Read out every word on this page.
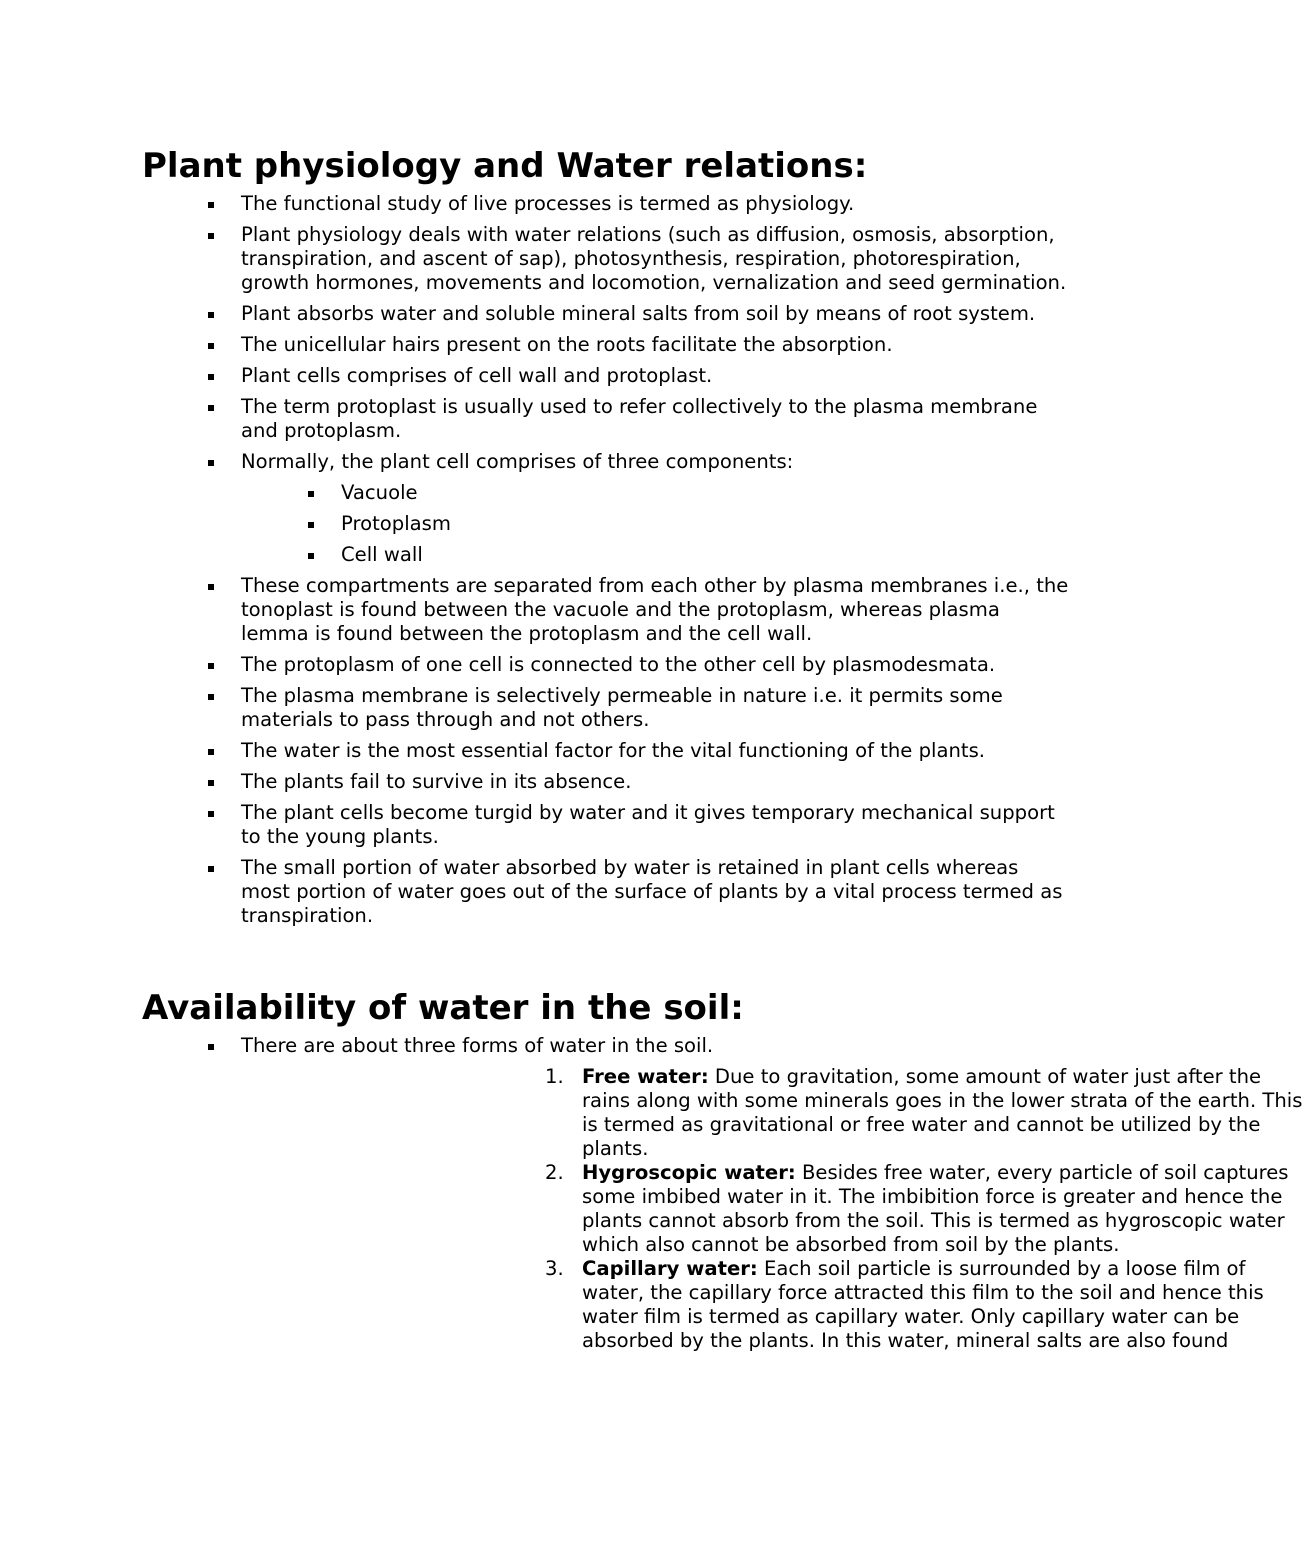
Plant physiology and Water relations:
The functional study of live processes is termed as physiology.
Plant physiology deals with water relations (such as diffusion, osmosis, absorption, transpiration, and ascent of sap), photosynthesis, respiration, photorespiration, growth hormones, movements and locomotion, vernalization and seed germination.
Plant absorbs water and soluble mineral salts from soil by means of root system.
The unicellular hairs present on the roots facilitate the absorption.
Plant cells comprises of cell wall and protoplast.
The term protoplast is usually used to refer collectively to the plasma membrane and protoplasm.
Normally, the plant cell comprises of three components:
Vacuole
Protoplasm
Cell wall
These compartments are separated from each other by plasma membranes i.e., the tonoplast is found between the vacuole and the protoplasm, whereas plasma lemma is found between the protoplasm and the cell wall.
The protoplasm of one cell is connected to the other cell by plasmodesmata.
The plasma membrane is selectively permeable in nature i.e. it permits some materials to pass through and not others.
The water is the most essential factor for the vital functioning of the plants.
The plants fail to survive in its absence.
The plant cells become turgid by water and it gives temporary mechanical support to the young plants.
The small portion of water absorbed by water is retained in plant cells whereas most portion of water goes out of the surface of plants by a vital process termed as transpiration.
Availability of water in the soil:
There are about three forms of water in the soil.
1. Free water: Due to gravitation, some amount of water just after the rains along with some minerals goes in the lower strata of the earth. This is termed as gravitational or free water and cannot be utilized by the plants.
2. Hygroscopic water: Besides free water, every particle of soil captures some imbibed water in it. The imbibition force is greater and hence the plants cannot absorb from the soil. This is termed as hygroscopic water which also cannot be absorbed from soil by the plants.
3. Capillary water: Each soil particle is surrounded by a loose film of water, the capillary force attracted this film to the soil and hence this water film is termed as capillary water. Only capillary water can be absorbed by the plants. In this water, mineral salts are also found
